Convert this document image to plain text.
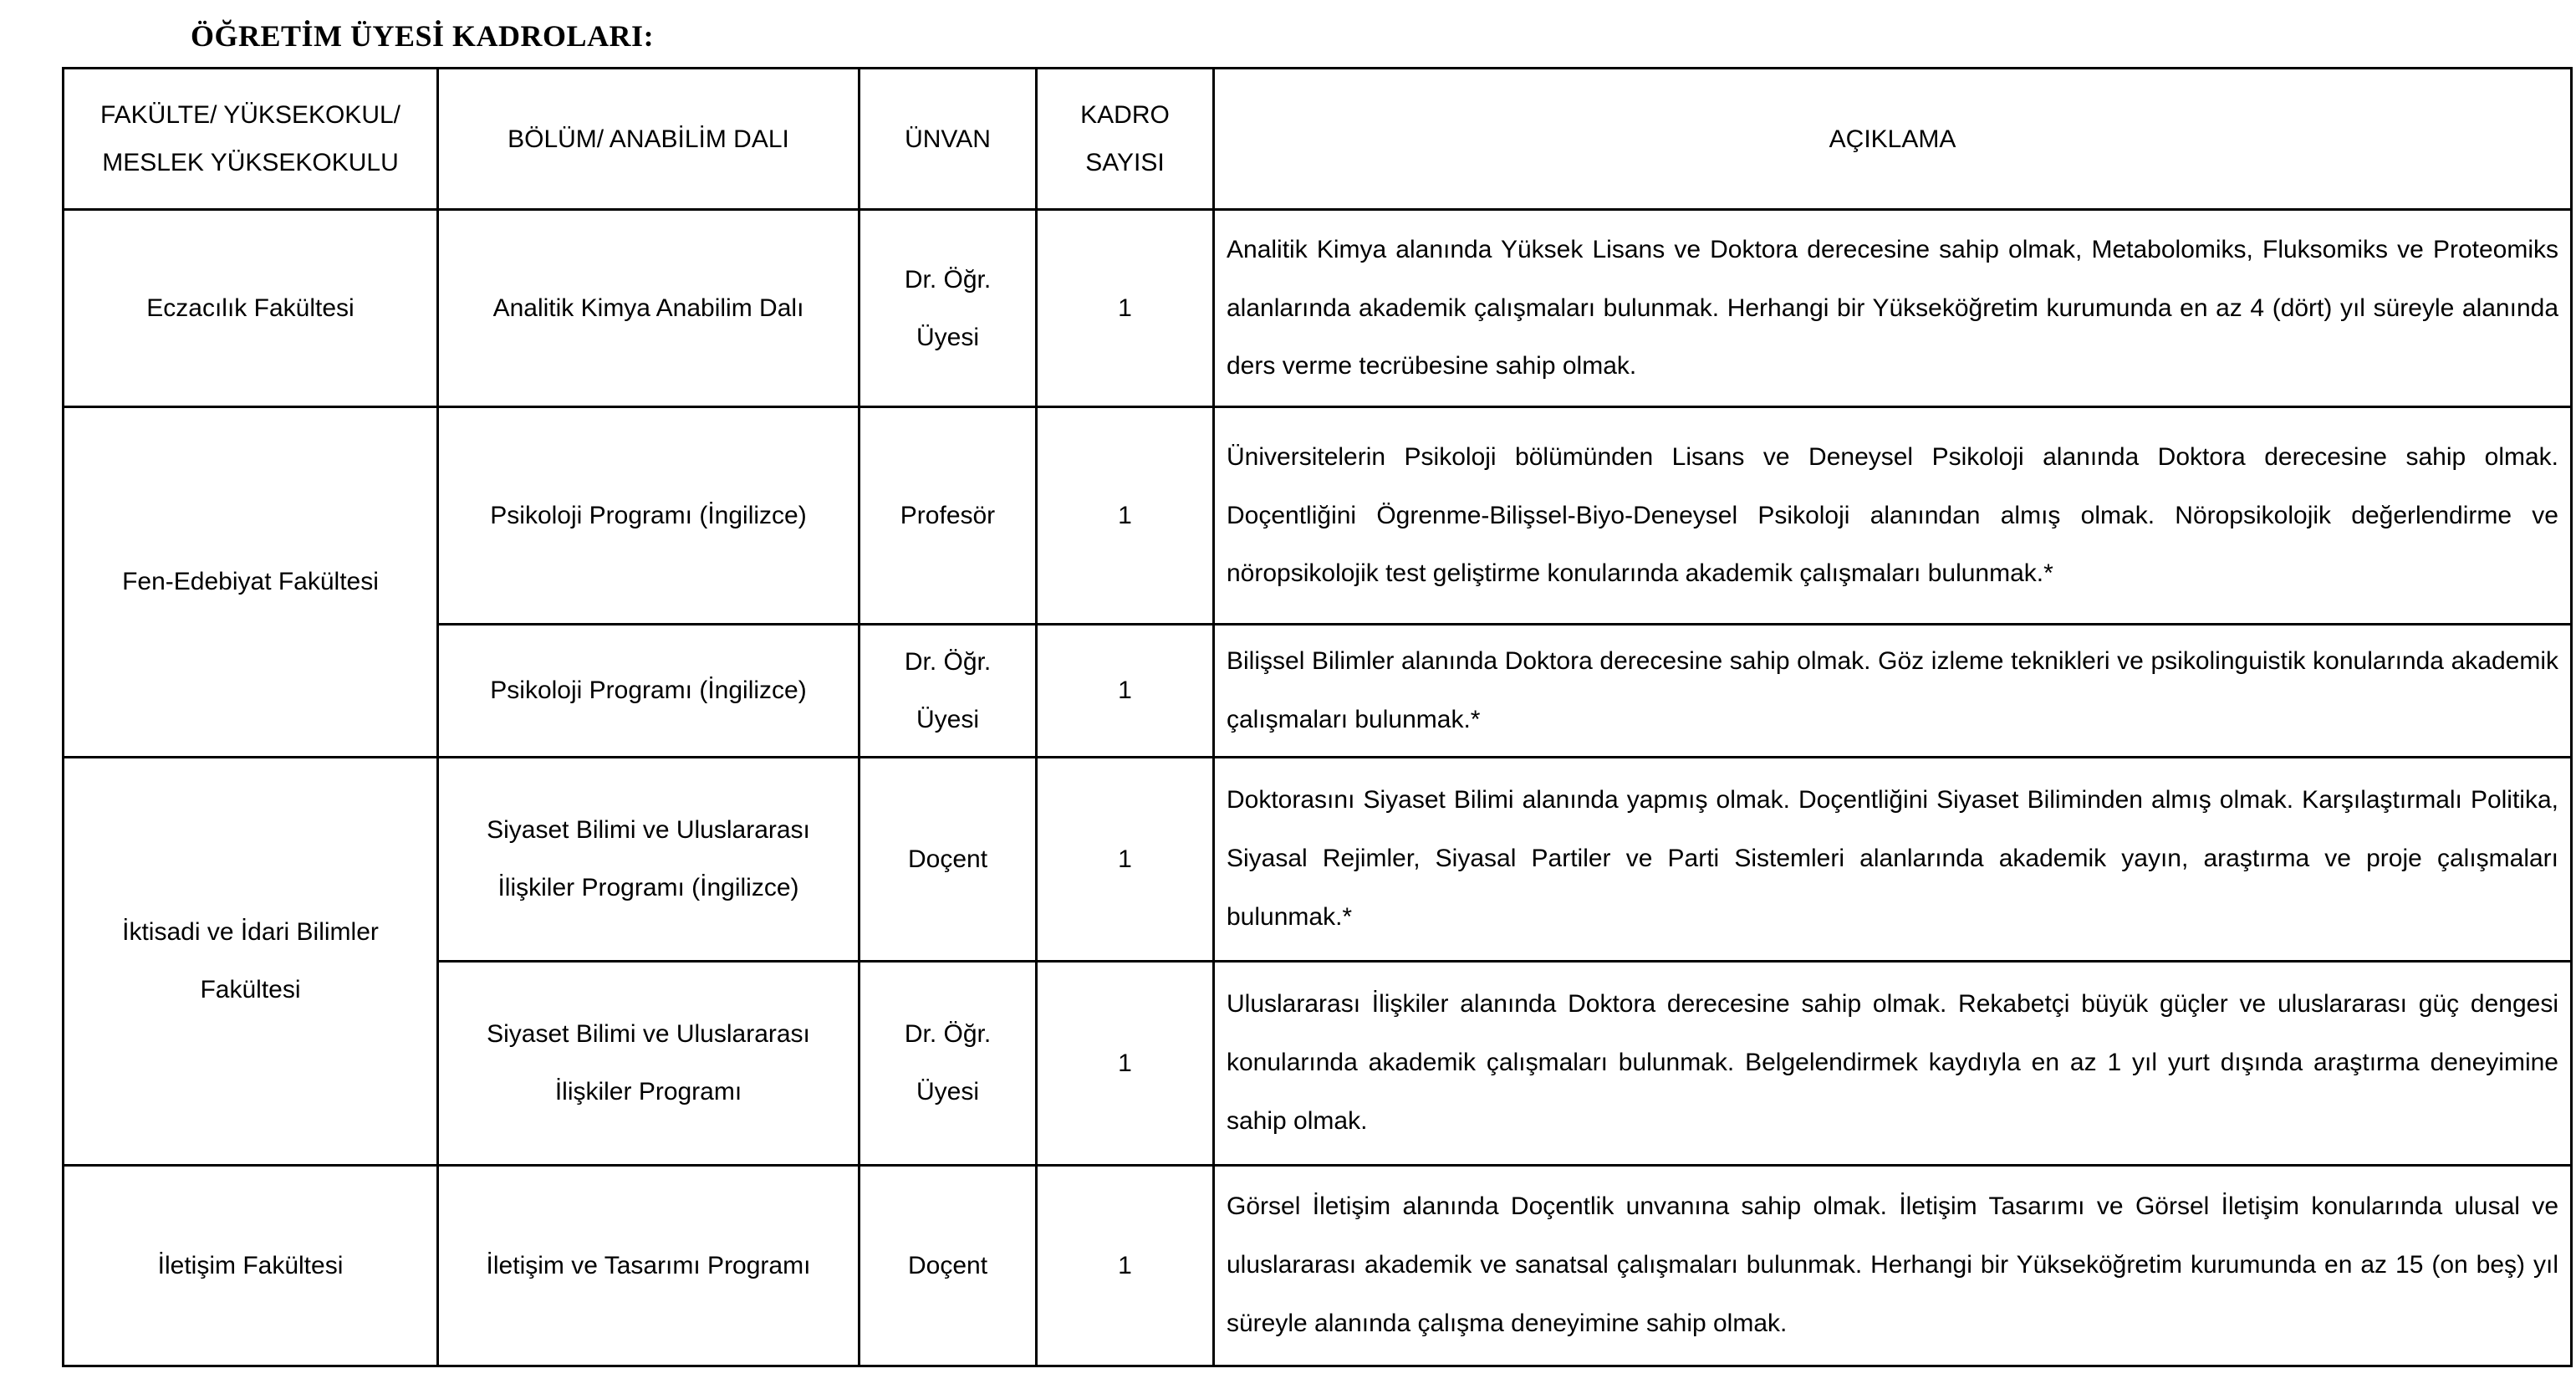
ÖĞRETİM ÜYESİ KADROLARI:
FAKÜLTE/ YÜKSEKOKUL/ MESLEK YÜKSEKOKULU	BÖLÜM/ ANABİLİM DALI	ÜNVAN	KADRO SAYISI	AÇIKLAMA
Eczacılık Fakültesi	Analitik Kimya Anabilim Dalı	Dr. Öğr. Üyesi	1	Analitik Kimya alanında Yüksek Lisans ve Doktora derecesine sahip olmak, Metabolomiks, Fluksomiks ve Proteomiks alanlarında akademik çalışmaları bulunmak. Herhangi bir Yükseköğretim kurumunda en az 4 (dört) yıl süreyle alanında ders verme tecrübesine sahip olmak.
Fen-Edebiyat Fakültesi	Psikoloji Programı (İngilizce)	Profesör	1	Üniversitelerin Psikoloji bölümünden Lisans ve Deneysel Psikoloji alanında Doktora derecesine sahip olmak. Doçentliğini Ögrenme-Bilişsel-Biyo-Deneysel Psikoloji alanından almış olmak. Nöropsikolojik değerlendirme ve nöropsikolojik test geliştirme konularında akademik çalışmaları bulunmak.*
	Psikoloji Programı (İngilizce)	Dr. Öğr. Üyesi	1	Bilişsel Bilimler alanında Doktora derecesine sahip olmak. Göz izleme teknikleri ve psikolinguistik konularında akademik çalışmaları bulunmak.*
İktisadi ve İdari Bilimler Fakültesi	Siyaset Bilimi ve Uluslararası İlişkiler Programı (İngilizce)	Doçent	1	Doktorasını Siyaset Bilimi alanında yapmış olmak. Doçentliğini Siyaset Biliminden almış olmak. Karşılaştırmalı Politika, Siyasal Rejimler, Siyasal Partiler ve Parti Sistemleri alanlarında akademik yayın, araştırma ve proje çalışmaları bulunmak.*
	Siyaset Bilimi ve Uluslararası İlişkiler Programı	Dr. Öğr. Üyesi	1	Uluslararası İlişkiler alanında Doktora derecesine sahip olmak. Rekabetçi büyük güçler ve uluslararası güç dengesi konularında akademik çalışmaları bulunmak. Belgelendirmek kaydıyla en az 1 yıl yurt dışında araştırma deneyimine sahip olmak.
İletişim Fakültesi	İletişim ve Tasarımı Programı	Doçent	1	Görsel İletişim alanında Doçentlik unvanına sahip olmak. İletişim Tasarımı ve Görsel İletişim konularında ulusal ve uluslararası akademik ve sanatsal çalışmaları bulunmak. Herhangi bir Yükseköğretim kurumunda en az 15 (on beş) yıl süreyle alanında çalışma deneyimine sahip olmak.
